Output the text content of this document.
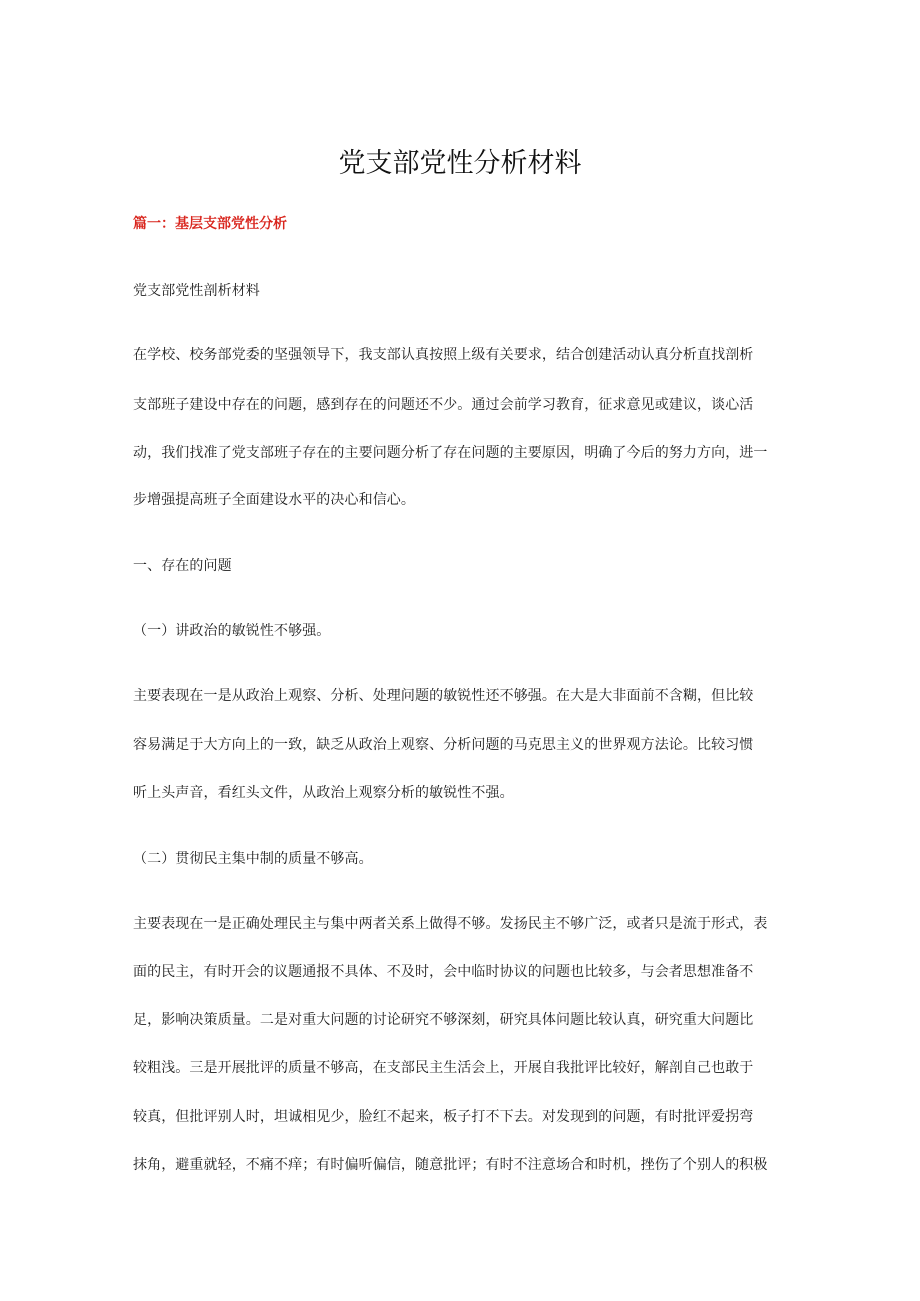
党支部党性分析材料

篇一：基层支部党性分析

党支部党性剖析材料

在学校、校务部党委的坚强领导下，我支部认真按照上级有关要求，结合创建活动认真分析直找剖析

支部班子建设中存在的问题，感到存在的问题还不少。通过会前学习教育，征求意见或建议，谈心活

动，我们找准了党支部班子存在的主要问题分析了存在问题的主要原因，明确了今后的努力方向，进一

步增强提高班子全面建设水平的决心和信心。

一、存在的问题

（一）讲政治的敏锐性不够强。

主要表现在一是从政治上观察、分析、处理问题的敏锐性还不够强。在大是大非面前不含糊，但比较

容易满足于大方向上的一致，缺乏从政治上观察、分析问题的马克思主义的世界观方法论。比较习惯

听上头声音，看红头文件，从政治上观察分析的敏锐性不强。

（二）贯彻民主集中制的质量不够高。

主要表现在一是正确处理民主与集中两者关系上做得不够。发扬民主不够广泛，或者只是流于形式，表

面的民主，有时开会的议题通报不具体、不及时，会中临时协议的问题也比较多，与会者思想准备不

足，影响决策质量。二是对重大问题的讨论研究不够深刻，研究具体问题比较认真，研究重大问题比

较粗浅。三是开展批评的质量不够高，在支部民主生活会上，开展自我批评比较好，解剖自己也敢于

较真，但批评别人时，坦诚相见少，脸红不起来，板子打不下去。对发现到的问题，有时批评爱拐弯

抹角，避重就轻，不痛不痒；有时偏听偏信，随意批评；有时不注意场合和时机，挫伤了个别人的积极
